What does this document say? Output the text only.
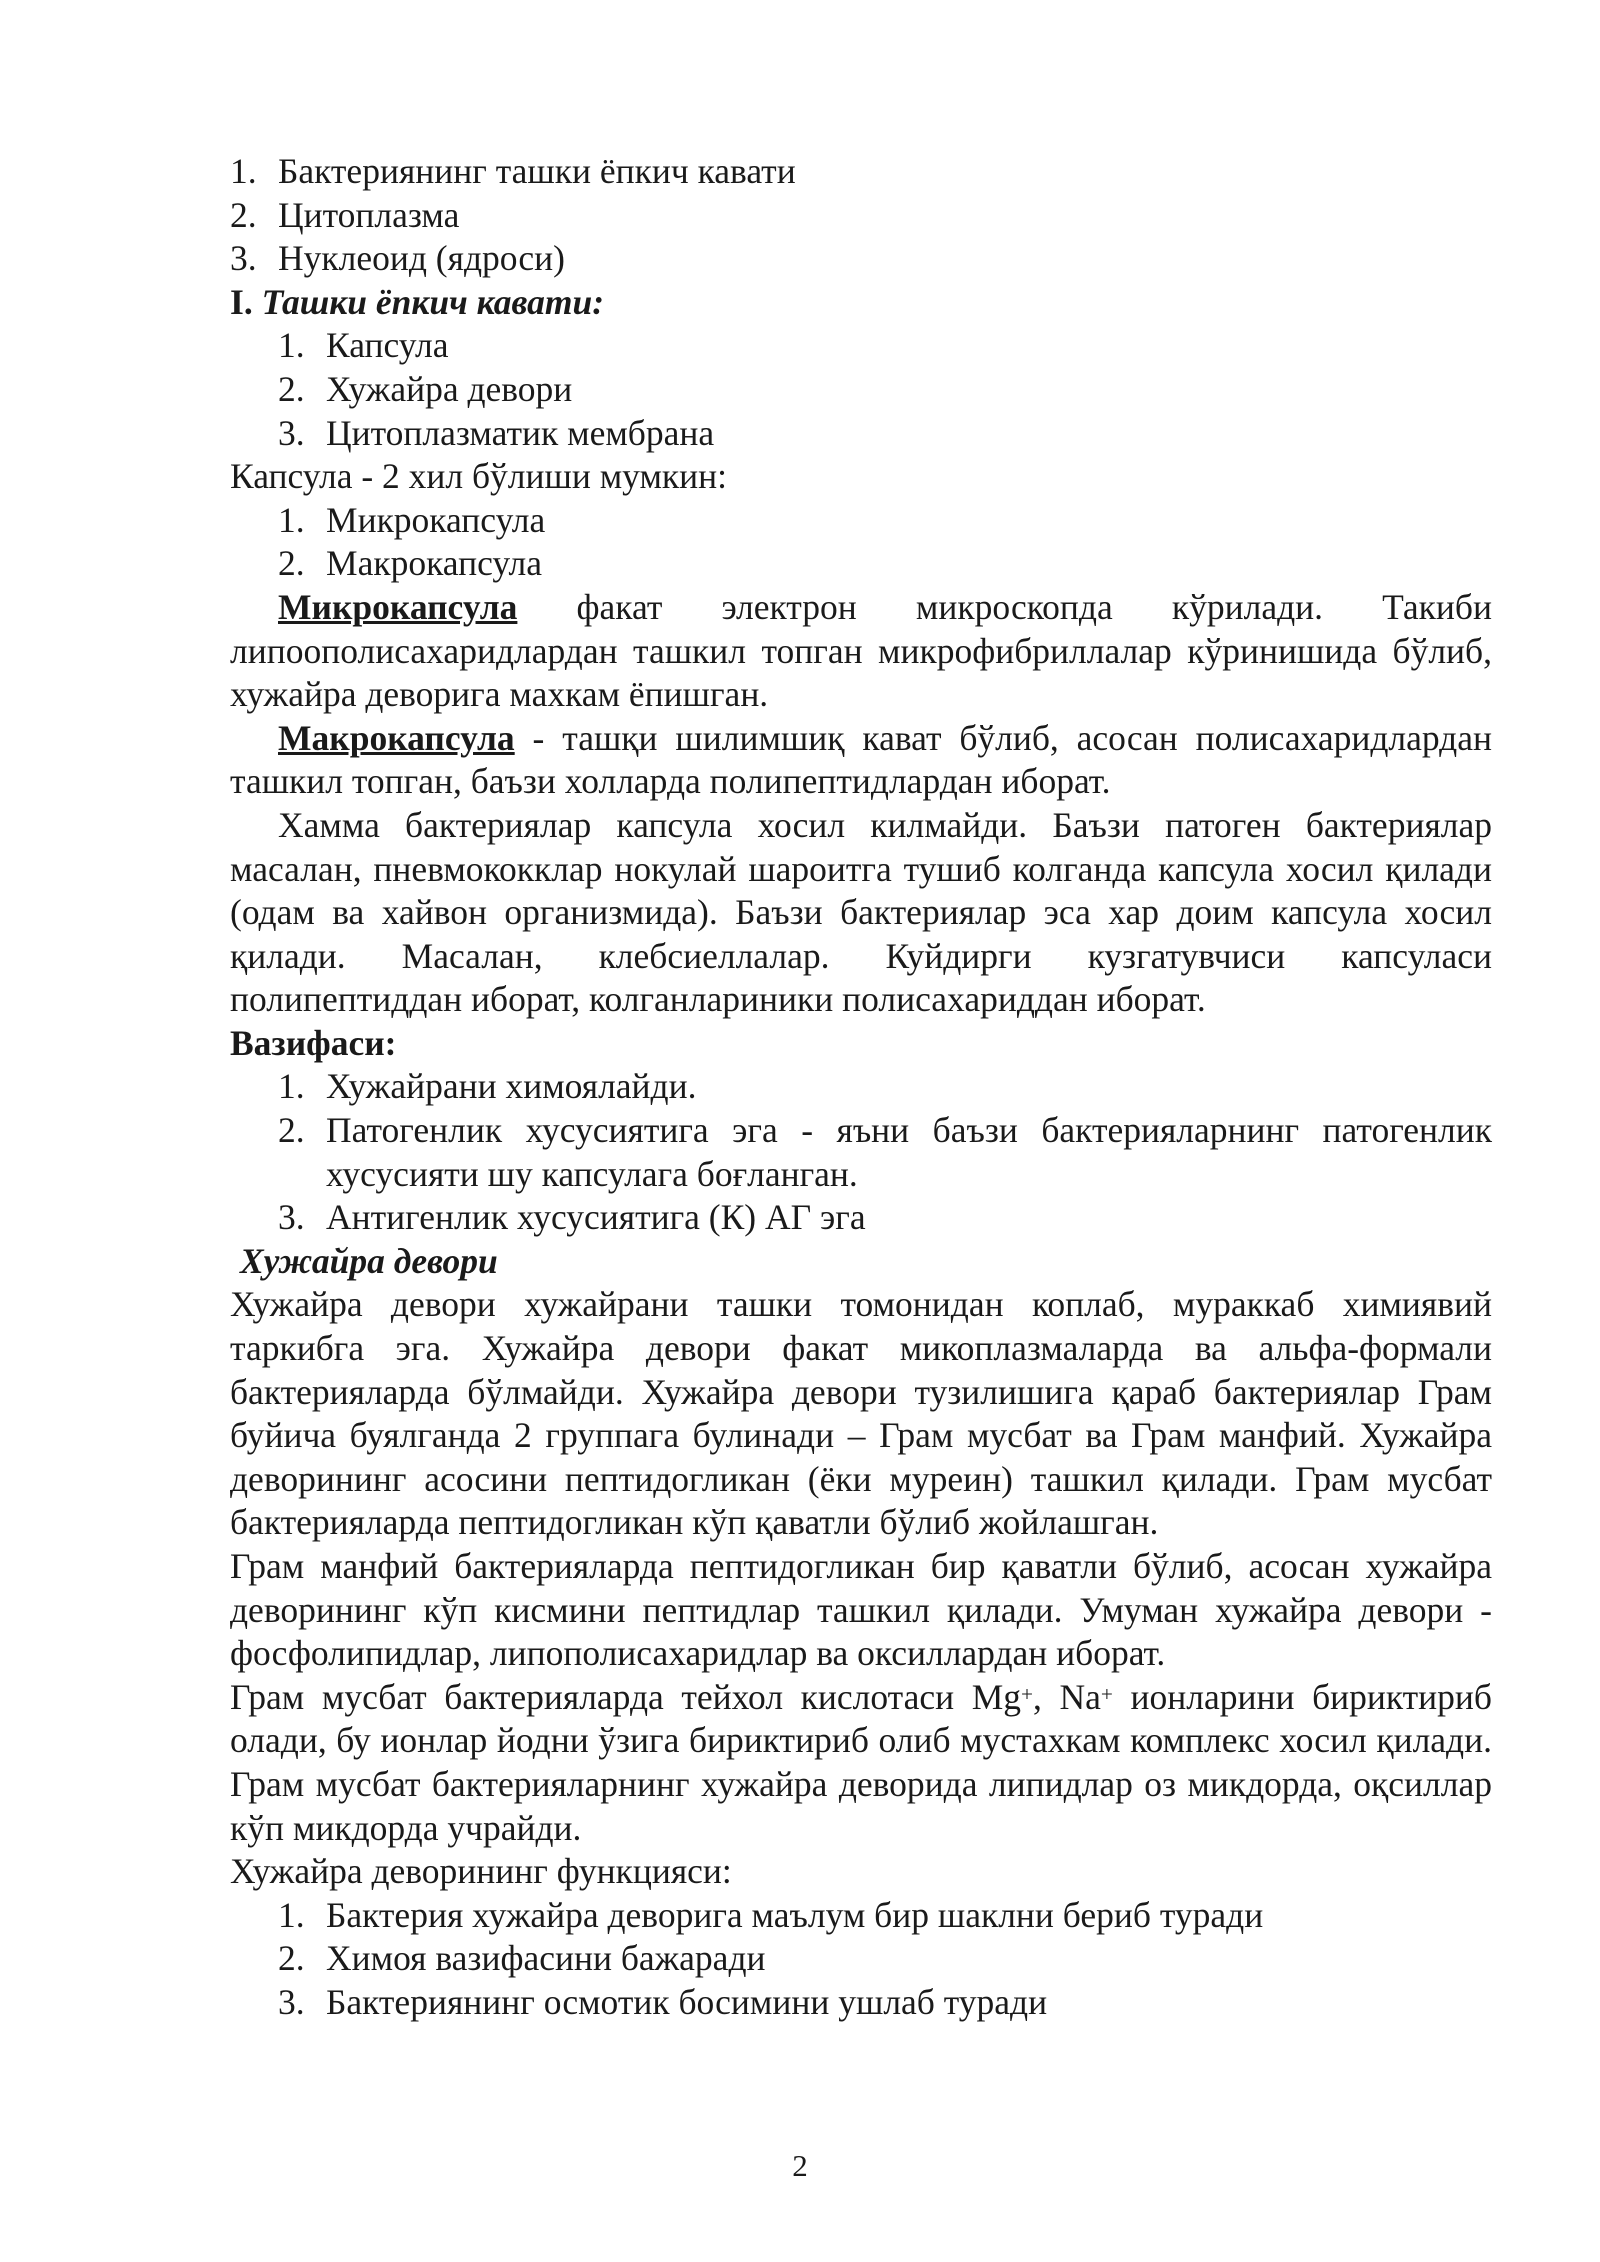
1. Бактериянинг ташки ёпкич кавати
2. Цитоплазма
3. Нуклеоид (ядроси)

I. Ташки ёпкич кавати:

1. Капсула
2. Хужайра девори
3. Цитоплазматик мембрана

Капсула - 2 хил бўлиши мумкин:

1. Микрокапсула
2. Макрокапсула

Микрокапсула факат электрон микроскопда кўрилади. Такиби липоополисахаридлардан ташкил топган микрофибриллалар кўринишида бўлиб, хужайра деворига махкам ёпишган.

Макрокапсула - ташқи шилимшиқ кават бўлиб, асосан полисахаридлардан ташкил топган, баъзи холларда полипептидлардан иборат.

Хамма бактериялар капсула хосил килмайди. Баъзи патоген бактериялар масалан, пневмококклар нокулай шароитга тушиб колганда капсула хосил қилади (одам ва хайвон организмида). Баъзи бактериялар эса хар доим капсула хосил қилади. Масалан, клебсиеллалар. Куйдирги кузгатувчиси капсуласи полипептиддан иборат, колганлариники полисахариддан иборат.

Вазифаси:

1. Хужайрани химоялайди.
2. Патогенлик хусусиятига эга - яъни баъзи бактерияларнинг патогенлик хусусияти шу капсулага боғланган.
3. Антигенлик хусусиятига (К) АГ эга

Хужайра девори

Хужайра девори хужайрани ташки томонидан коплаб, мураккаб химиявий таркибга эга. Хужайра девори факат микоплазмаларда ва альфа-формали бактерияларда бўлмайди. Хужайра девори тузилишига қараб бактериялар Грам буйича буялганда 2 группага булинади – Грам мусбат ва Грам манфий. Хужайра деворининг асосини пептидогликан (ёки муреин) ташкил қилади. Грам мусбат бактерияларда пептидогликан кўп қаватли бўлиб жойлашган.

Грам манфий бактерияларда пептидогликан бир қаватли бўлиб, асосан хужайра деворининг кўп кисмини пептидлар ташкил қилади. Умуман хужайра девори - фосфолипидлар, липополисахаридлар ва оксиллардан иборат.

Грам мусбат бактерияларда тейхол кислотаси Mg+, Na+ ионларини бириктириб олади, бу ионлар йодни ўзига бириктириб олиб мустахкам комплекс хосил қилади. Грам мусбат бактерияларнинг хужайра деворида липидлар оз микдорда, оқсиллар кўп микдорда учрайди.

Хужайра деворининг функцияси:

1. Бактерия хужайра деворига маълум бир шаклни бериб туради
2. Химоя вазифасини бажаради
3. Бактериянинг осмотик босимини ушлаб туради
2
